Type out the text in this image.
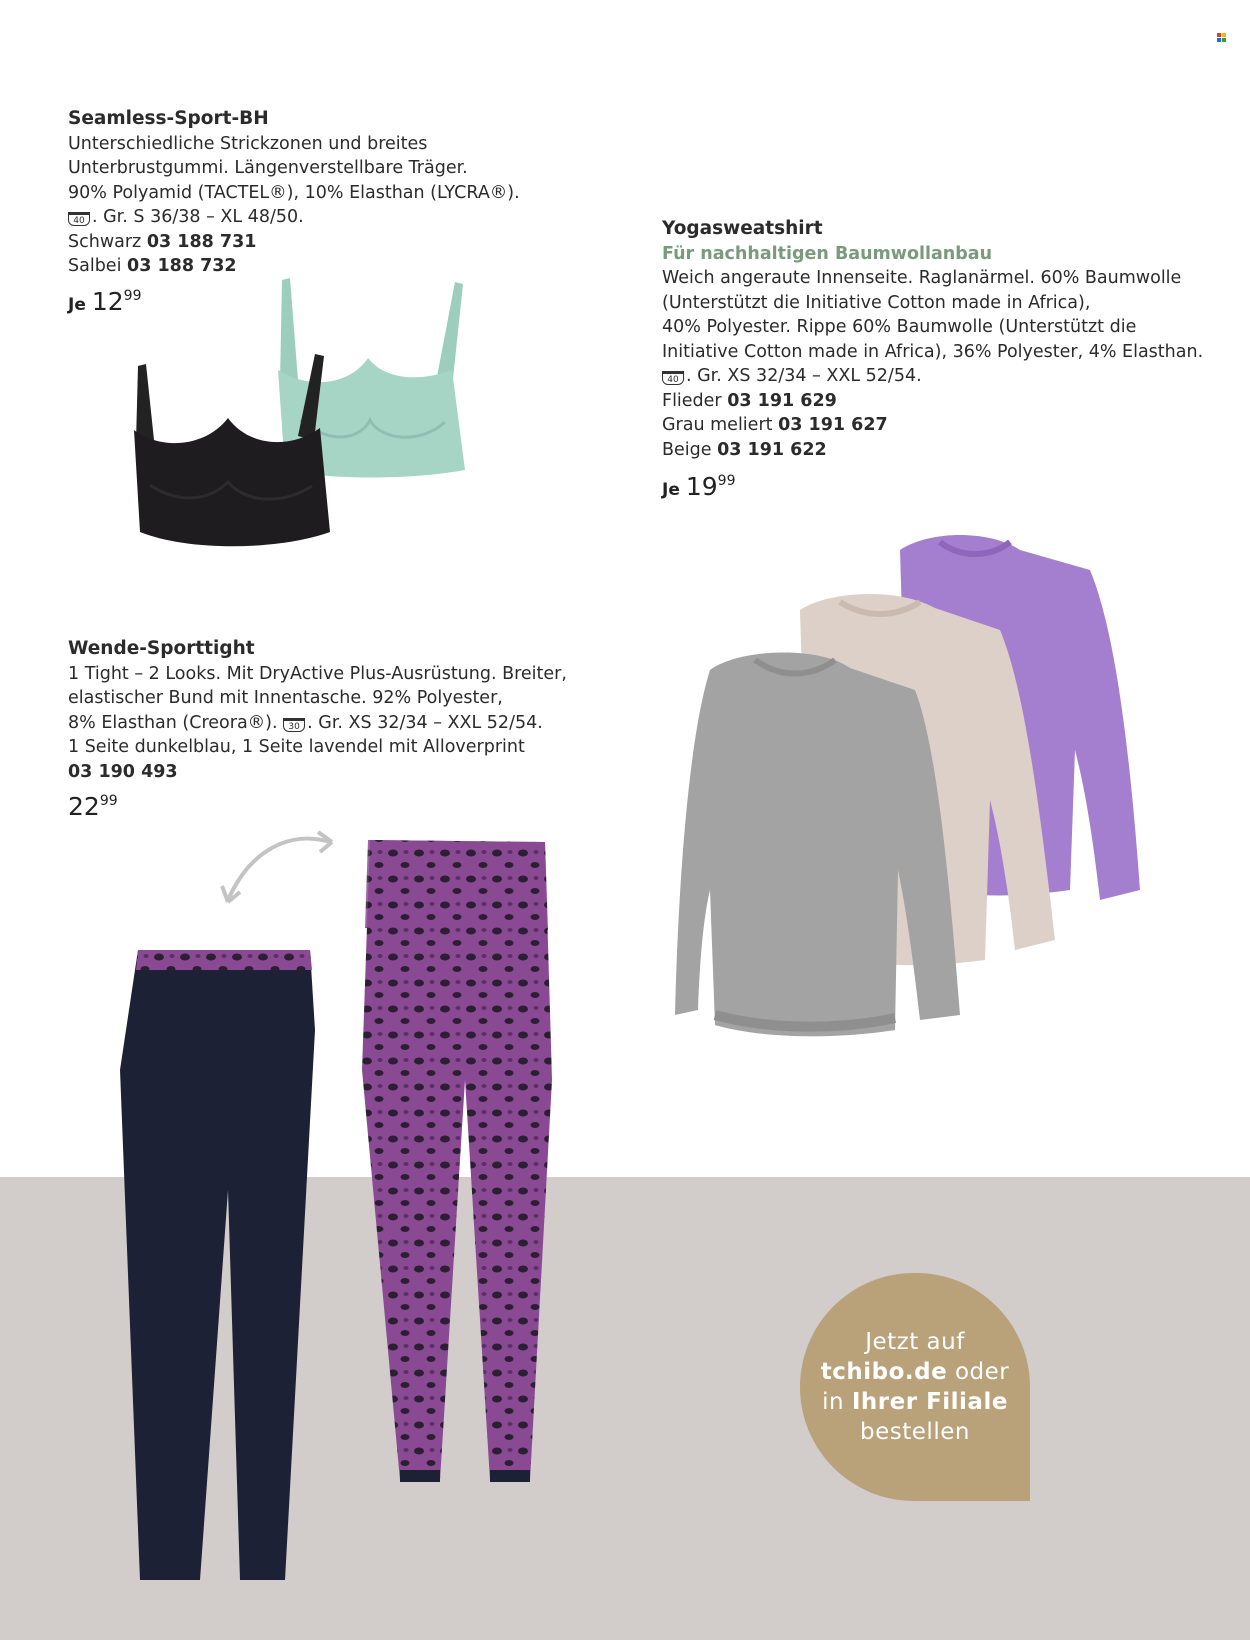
Seamless-Sport-BH
Unterschiedliche Strickzonen und breites
Unterbrustgummi. Längenverstellbare Träger.
90% Polyamid (TACTEL®), 10% Elasthan (LYCRA®).
40 . Gr. S 36/38 – XL 48/50.
Schwarz 03 188 731
Salbei 03 188 732
Je 1299
Yogasweatshirt
Für nachhaltigen Baumwollanbau
Weich angeraute Innenseite. Raglanärmel. 60% Baumwolle
(Unterstützt die Initiative Cotton made in Africa),
40% Polyester. Rippe 60% Baumwolle (Unterstützt die
Initiative Cotton made in Africa), 36% Polyester, 4% Elasthan.
40 . Gr. XS 32/34 – XXL 52/54.
Flieder 03 191 629
Grau meliert 03 191 627
Beige 03 191 622
Je 1999
Wende-Sporttight
1 Tight – 2 Looks. Mit DryActive Plus-Ausrüstung. Breiter,
elastischer Bund mit Innentasche. 92% Polyester,
8% Elasthan (Creora®). 30 . Gr. XS 32/34 – XXL 52/54.
1 Seite dunkelblau, 1 Seite lavendel mit Alloverprint
03 190 493
2299
Jetzt auf
tchibo.de oder
in Ihrer Filiale
bestellen
